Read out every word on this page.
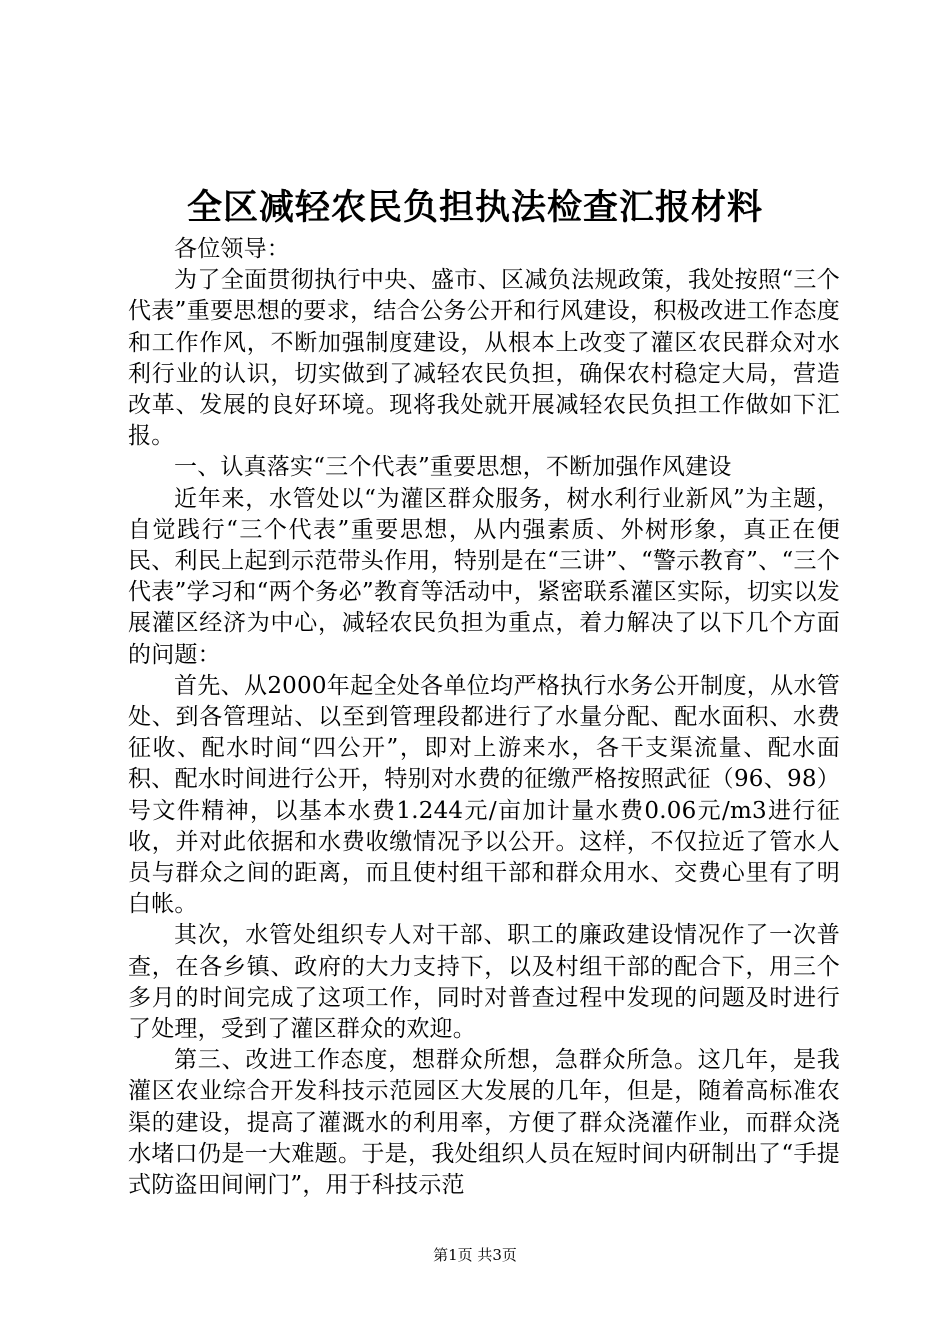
全区减轻农民负担执法检查汇报材料

各位领导：

为了全面贯彻执行中央、盛市、区减负法规政策，我处按照“三个代表”重要思想的要求，结合公务公开和行风建设，积极改进工作态度和工作作风，不断加强制度建设，从根本上改变了灌区农民群众对水利行业的认识，切实做到了减轻农民负担，确保农村稳定大局，营造改革、发展的良好环境。现将我处就开展减轻农民负担工作做如下汇报。

一、认真落实“三个代表”重要思想，不断加强作风建设

近年来，水管处以“为灌区群众服务，树水利行业新风”为主题，自觉践行“三个代表”重要思想，从内强素质、外树形象，真正在便民、利民上起到示范带头作用，特别是在“三讲”、“警示教育”、“三个代表”学习和“两个务必”教育等活动中，紧密联系灌区实际，切实以发展灌区经济为中心，减轻农民负担为重点，着力解决了以下几个方面的问题：

首先、从2000年起全处各单位均严格执行水务公开制度，从水管处、到各管理站、以至到管理段都进行了水量分配、配水面积、水费征收、配水时间“四公开”，即对上游来水，各干支渠流量、配水面积、配水时间进行公开，特别对水费的征缴严格按照武征（96、98）号文件精神，以基本水费1.244元/亩加计量水费0.06元/m3进行征收，并对此依据和水费收缴情况予以公开。这样，不仅拉近了管水人员与群众之间的距离，而且使村组干部和群众用水、交费心里有了明白帐。

其次，水管处组织专人对干部、职工的廉政建设情况作了一次普查，在各乡镇、政府的大力支持下，以及村组干部的配合下，用三个多月的时间完成了这项工作，同时对普查过程中发现的问题及时进行了处理，受到了灌区群众的欢迎。

第三、改进工作态度，想群众所想，急群众所急。这几年，是我灌区农业综合开发科技示范园区大发展的几年，但是，随着高标准农渠的建设，提高了灌溉水的利用率，方便了群众浇灌作业，而群众浇水堵口仍是一大难题。于是，我处组织人员在短时间内研制出了“手提式防盗田间闸门”，用于科技示范

第1页 共3页
